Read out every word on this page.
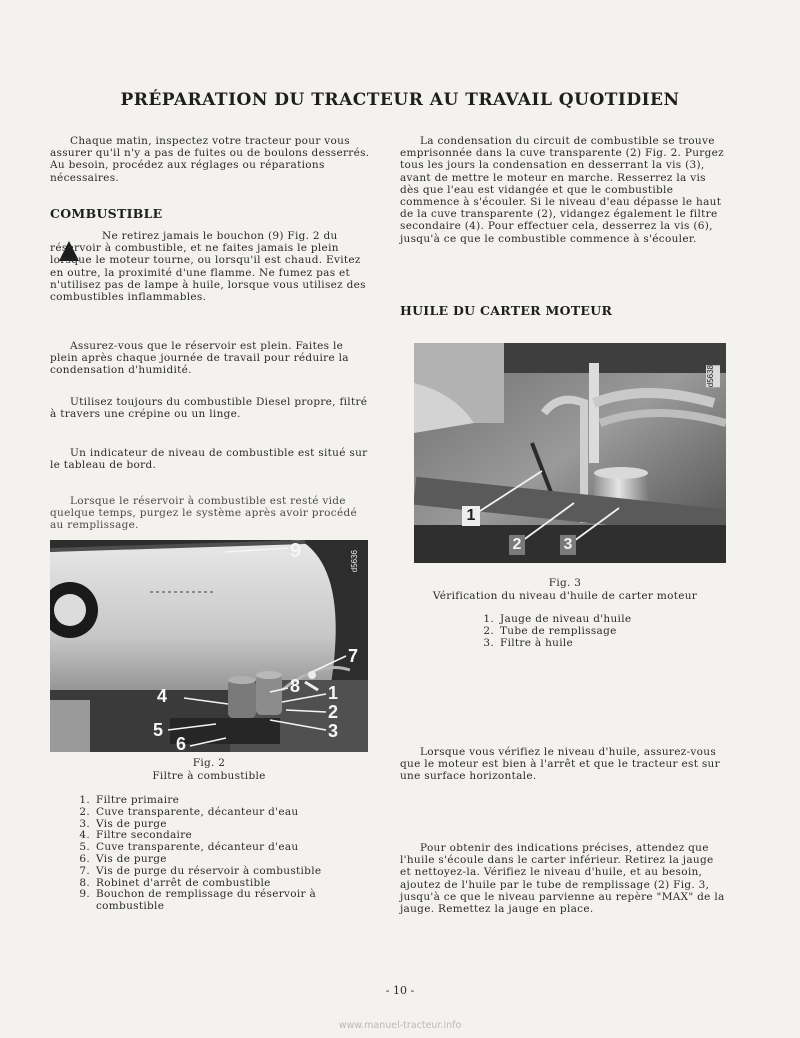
PRÉPARATION DU TRACTEUR AU TRAVAIL QUOTIDIEN

Chaque matin, inspectez votre tracteur pour vous assurer qu'il n'y a pas de fuites ou de boulons desserrés. Au besoin, procédez aux réglages ou réparations nécessaires.

COMBUSTIBLE

Ne retirez jamais le bouchon (9) Fig. 2 du réservoir à combustible, et ne faites jamais le plein lorsque le moteur tourne, ou lorsqu'il est chaud. Evitez en outre, la proximité d'une flamme. Ne fumez pas et n'utilisez pas de lampe à huile, lorsque vous utilisez des combustibles inflammables.

Assurez-vous que le réservoir est plein. Faites le plein après chaque journée de travail pour réduire la condensation d'humidité.

Utilisez toujours du combustible Diesel propre, filtré à travers une crépine ou un linge.

Un indicateur de niveau de combustible est situé sur le tableau de bord.

Lorsque le réservoir à combustible est resté vide quelque temps, purgez le système après avoir procédé au remplissage.

9
7
8 1
2
3
4
5
6
d5636
Fig. 2
Filtre à combustible
1. Filtre primaire
2. Cuve transparente, décanteur d'eau
3. Vis de purge
4. Filtre secondaire
5. Cuve transparente, décanteur d'eau
6. Vis de purge
7. Vis de purge du réservoir à combustible
8. Robinet d'arrêt de combustible
9. Bouchon de remplissage du réservoir à combustible

La condensation du circuit de combustible se trouve emprisonnée dans la cuve transparente (2) Fig. 2. Purgez tous les jours la condensation en desserrant la vis (3), avant de mettre le moteur en marche. Resserrez la vis dès que l'eau est vidangée et que le combustible commence à s'écouler. Si le niveau d'eau dépasse le haut de la cuve transparente (2), vidangez également le filtre secondaire (4). Pour effectuer cela, desserrez la vis (6), jusqu'à ce que le combustible commence à s'écouler.

HUILE DU CARTER MOTEUR
1
2	3
d5638
Fig. 3
Vérification du niveau d'huile de carter moteur
1. Jauge de niveau d'huile
2. Tube de remplissage
3. Filtre à huile

Lorsque vous vérifiez le niveau d'huile, assurez-vous que le moteur est bien à l'arrêt et que le tracteur est sur une surface horizontale.

Pour obtenir des indications précises, attendez que l'huile s'écoule dans le carter inférieur. Retirez la jauge et nettoyez-la. Vérifiez le niveau d'huile, et au besoin, ajoutez de l'huile par le tube de remplissage (2) Fig. 3, jusqu'à ce que le niveau parvienne au repère "MAX" de la jauge. Remettez la jauge en place.

- 10 -
www.manuel-tracteur.info
